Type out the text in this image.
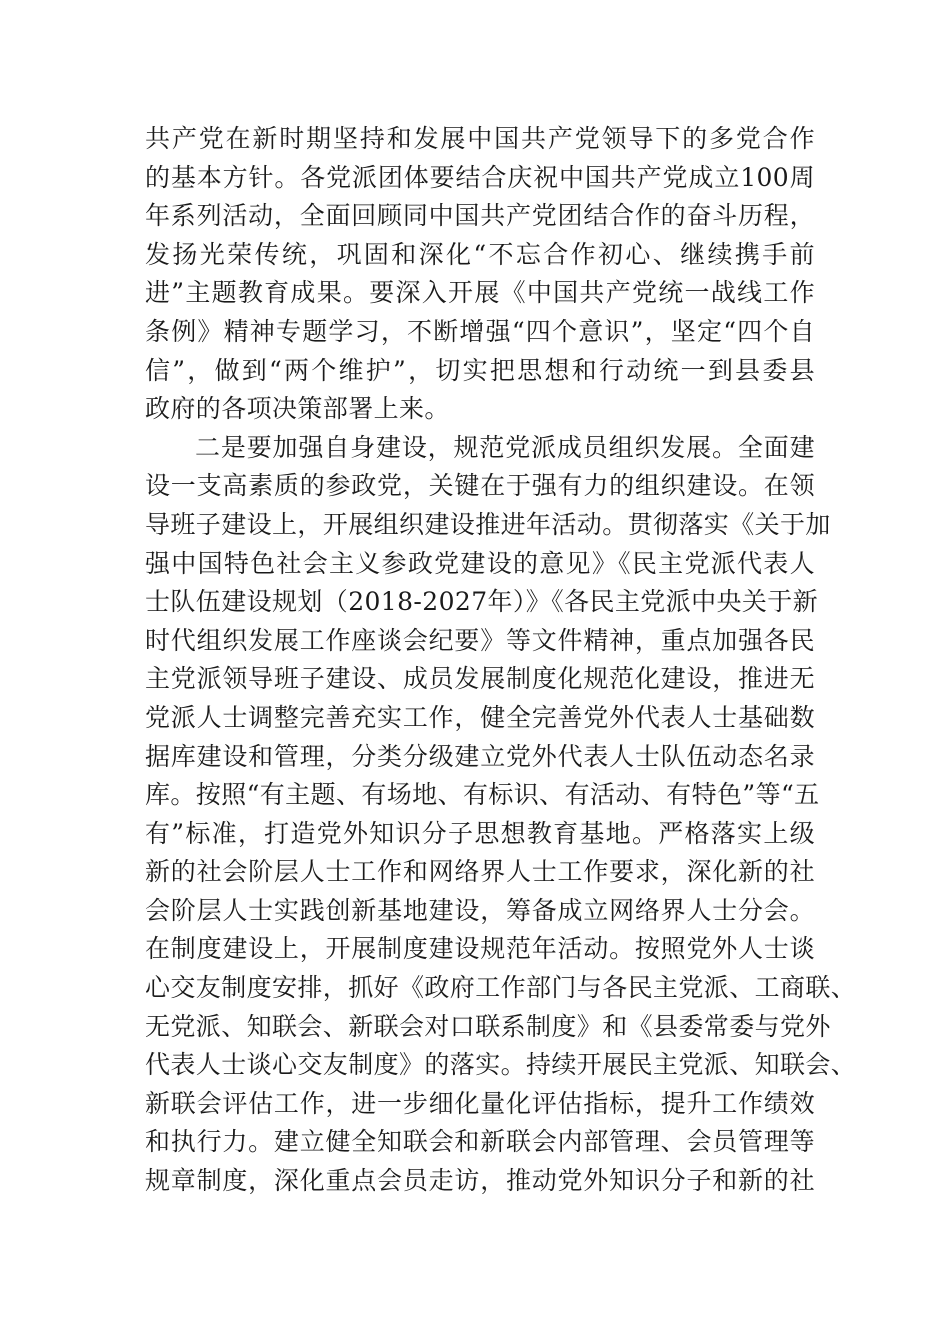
共产党在新时期坚持和发展中国共产党领导下的多党合作
的基本方针。各党派团体要结合庆祝中国共产党成立100周
年系列活动，全面回顾同中国共产党团结合作的奋斗历程，
发扬光荣传统，巩固和深化“不忘合作初心、继续携手前
进”主题教育成果。要深入开展《中国共产党统一战线工作
条例》精神专题学习，不断增强“四个意识”，坚定“四个自
信”，做到“两个维护”，切实把思想和行动统一到县委县
政府的各项决策部署上来。
二是要加强自身建设，规范党派成员组织发展。全面建
设一支高素质的参政党，关键在于强有力的组织建设。在领
导班子建设上，开展组织建设推进年活动。贯彻落实《关于加
强中国特色社会主义参政党建设的意见》《民主党派代表人
士队伍建设规划（2018-2027年）》《各民主党派中央关于新
时代组织发展工作座谈会纪要》等文件精神，重点加强各民
主党派领导班子建设、成员发展制度化规范化建设，推进无
党派人士调整完善充实工作，健全完善党外代表人士基础数
据库建设和管理，分类分级建立党外代表人士队伍动态名录
库。按照“有主题、有场地、有标识、有活动、有特色”等“五
有”标准，打造党外知识分子思想教育基地。严格落实上级
新的社会阶层人士工作和网络界人士工作要求，深化新的社
会阶层人士实践创新基地建设，筹备成立网络界人士分会。
在制度建设上，开展制度建设规范年活动。按照党外人士谈
心交友制度安排，抓好《政府工作部门与各民主党派、工商联、
无党派、知联会、新联会对口联系制度》和《县委常委与党外
代表人士谈心交友制度》的落实。持续开展民主党派、知联会、
新联会评估工作，进一步细化量化评估指标，提升工作绩效
和执行力。建立健全知联会和新联会内部管理、会员管理等
规章制度，深化重点会员走访，推动党外知识分子和新的社
